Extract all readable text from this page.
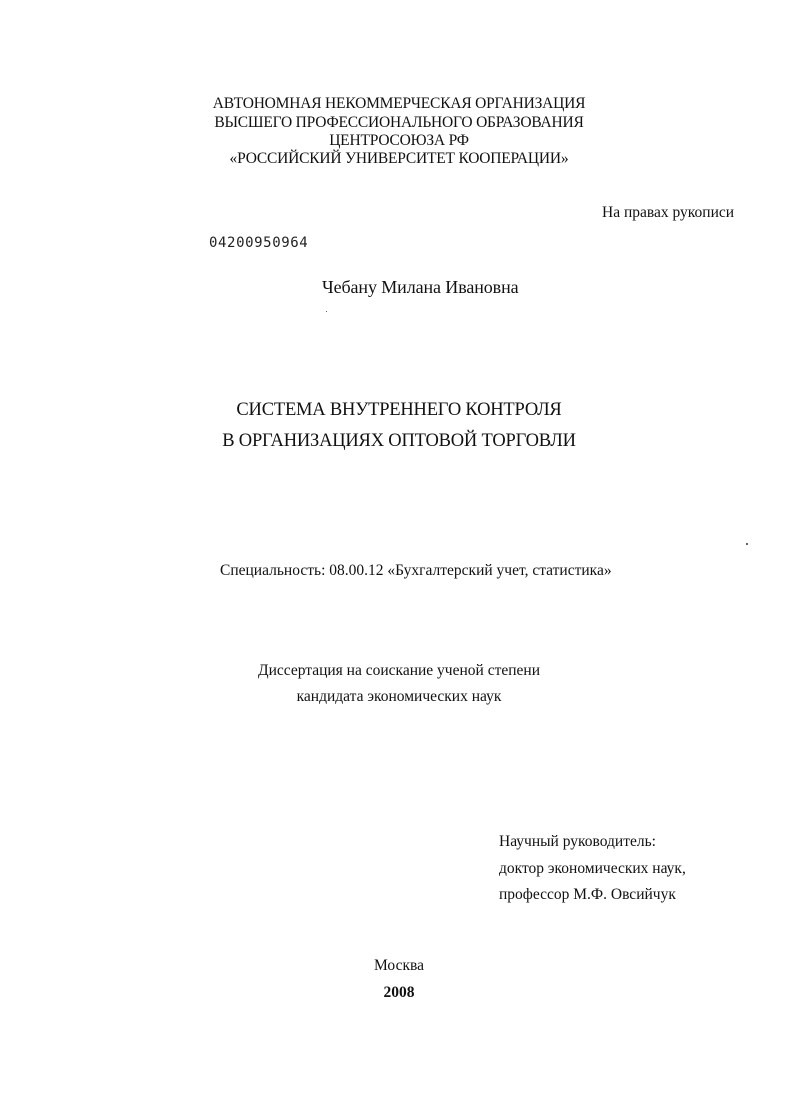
АВТОНОМНАЯ НЕКОММЕРЧЕСКАЯ ОРГАНИЗАЦИЯ
ВЫСШЕГО ПРОФЕССИОНАЛЬНОГО ОБРАЗОВАНИЯ
ЦЕНТРОСОЮЗА РФ
«РОССИЙСКИЙ УНИВЕРСИТЕТ КООПЕРАЦИИ»
На правах рукописи
04200950964
Чебану Милана Ивановна
СИСТЕМА ВНУТРЕННЕГО КОНТРОЛЯ
В ОРГАНИЗАЦИЯХ ОПТОВОЙ ТОРГОВЛИ
Специальность: 08.00.12 «Бухгалтерский учет, статистика»
Диссертация на соискание ученой степени
кандидата экономических наук
Научный руководитель:
доктор экономических наук,
профессор М.Ф. Овсийчук
Москва
2008
